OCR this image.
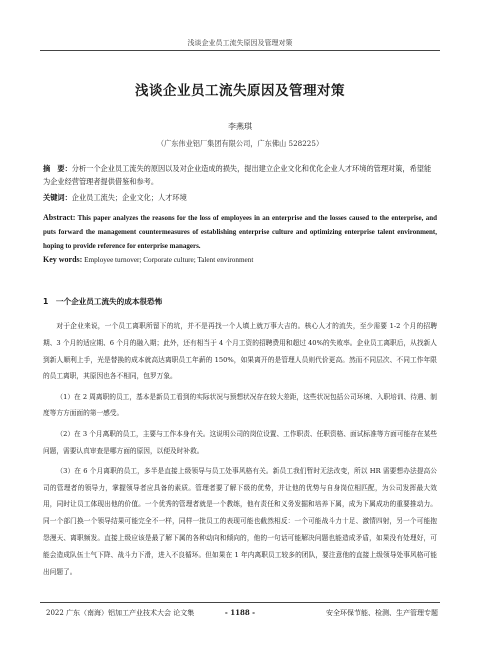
浅谈企业员工流失原因及管理对策
浅谈企业员工流失原因及管理对策
李燕琪
（广东伟业铝厂集团有限公司，广东佛山 528225）
摘　要：分析一个企业员工流失的原因以及对企业造成的损失，提出建立企业文化和优化企业人才环境的管理对策，希望能为企业经营管理者提供借鉴和参考。
关键词：企业员工流失；企业文化；人才环境
Abstract: This paper analyzes the reasons for the loss of employees in an enterprise and the losses caused to the enterprise, and puts forward the management countermeasures of establishing enterprise culture and optimizing enterprise talent environment, hoping to provide reference for enterprise managers.
Key words: Employee turnover; Corporate culture; Talent environment
1　一个企业员工流失的成本很恐怖

对于企业来说，一个员工离职所留下的坑，并不是再找一个人填上就万事大吉的。核心人才的流失，至少需要 1-2 个月的招聘期、3 个月的适应期、6 个月的融入期；此外，还有相当于 4 个月工资的招聘费用和超过 40%的失败率。企业员工离职后，从找新人到新人顺利上手，光是替换的成本就高达离职员工年薪的 150%，如果离开的是管理人员则代价更高。然而不同层次、不同工作年限的员工离职，其原因也各不相同，包罗万象。

（1）在 2 周离职的员工，基本是新员工看到的实际状况与预想状况存在较大差距，这些状况包括公司环境、入职培训、待遇、制度等方方面面的第一感受。

（2）在 3 个月离职的员工，主要与工作本身有关。这说明公司的岗位设置、工作职责、任职资格、面试标准等方面可能存在某些问题，需要认真审查是哪方面的原因，以便及时补救。

（3）在 6 个月离职的员工，多半是直接上级领导与员工处事风格有关。新员工我们暂时无法改变，所以 HR 需要想办法提高公司的管理者的领导力，掌握领导者应具备的素质。管理者要了解下级的优势，并让他的优势与自身岗位相匹配，为公司发挥最大效用，同时让员工体现出他的价值。一个优秀的管理者就是一个教练，他有责任和义务发掘和培养下属，成为下属成功的重要推动力。同一个部门换一个领导结果可能完全不一样，同样一批员工的表现可能也截然相反：一个可能战斗力十足、激情四射，另一个可能抱怨漫天、离职频发。直接上级应该是最了解下属的各种动向和倾向的，他的一句话可能解决问题也能造成矛盾，如果没有处理好，可能会造成队伍士气下降、战斗力下滑，进入不良循环。但如果在 1 年内离职员工较多的团队，要注意他的直接上级领导处事风格可能出问题了。

2022 广东（南海）铝加工产业技术大会 论文集	- 1188 -	安全环保节能、检测、生产管理专题
